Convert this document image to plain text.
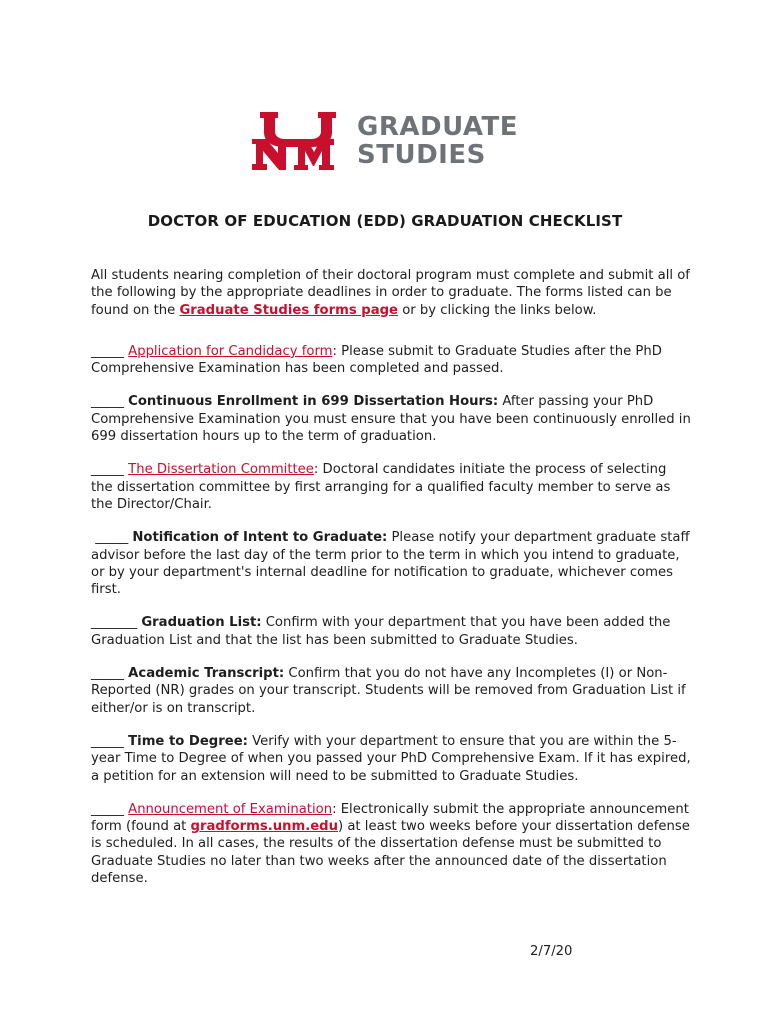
GRADUATE
STUDIES
DOCTOR OF EDUCATION (EDD) GRADUATION CHECKLIST

All students nearing completion of their doctoral program must complete and submit all of the following by the appropriate deadlines in order to graduate. The forms listed can be found on the Graduate Studies forms page or by clicking the links below.

_____ Application for Candidacy form: Please submit to Graduate Studies after the PhD Comprehensive Examination has been completed and passed.

_____ Continuous Enrollment in 699 Dissertation Hours: After passing your PhD Comprehensive Examination you must ensure that you have been continuously enrolled in 699 dissertation hours up to the term of graduation.

_____ The Dissertation Committee: Doctoral candidates initiate the process of selecting the dissertation committee by first arranging for a qualified faculty member to serve as the Director/Chair.

_____ Notification of Intent to Graduate: Please notify your department graduate staff advisor before the last day of the term prior to the term in which you intend to graduate, or by your department's internal deadline for notification to graduate, whichever comes first.

_______ Graduation List: Confirm with your department that you have been added the Graduation List and that the list has been submitted to Graduate Studies.

_____ Academic Transcript: Confirm that you do not have any Incompletes (I) or Non-Reported (NR) grades on your transcript. Students will be removed from Graduation List if either/or is on transcript.

_____ Time to Degree: Verify with your department to ensure that you are within the 5-year Time to Degree of when you passed your PhD Comprehensive Exam. If it has expired, a petition for an extension will need to be submitted to Graduate Studies.

_____ Announcement of Examination: Electronically submit the appropriate announcement form (found at gradforms.unm.edu) at least two weeks before your dissertation defense is scheduled. In all cases, the results of the dissertation defense must be submitted to Graduate Studies no later than two weeks after the announced date of the dissertation defense.

2/7/20
